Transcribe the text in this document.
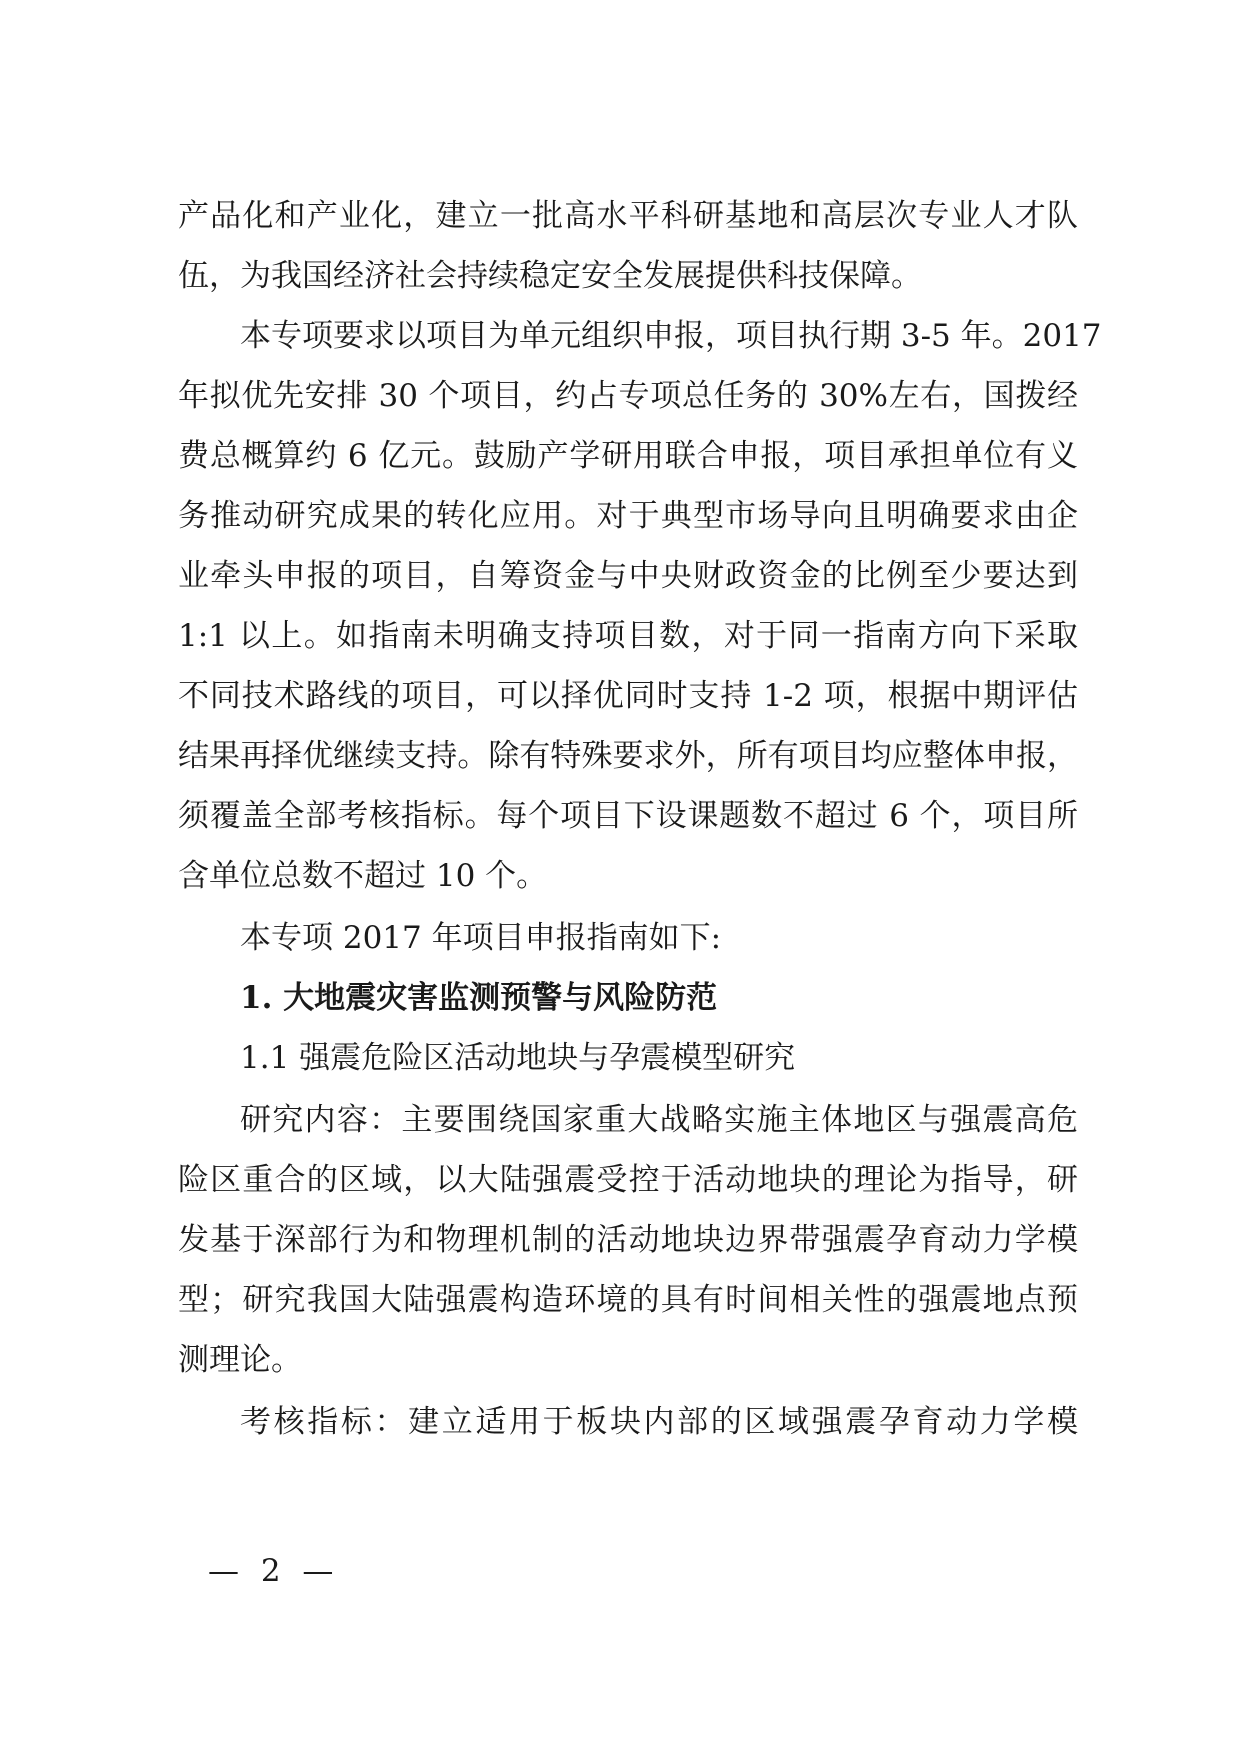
产品化和产业化，建立一批高水平科研基地和高层次专业人才队
伍，为我国经济社会持续稳定安全发展提供科技保障。
本专项要求以项目为单元组织申报，项目执行期 3-5 年。2017
年拟优先安排 30 个项目，约占专项总任务的 30%左右，国拨经
费总概算约 6 亿元。鼓励产学研用联合申报，项目承担单位有义
务推动研究成果的转化应用。对于典型市场导向且明确要求由企
业牵头申报的项目，自筹资金与中央财政资金的比例至少要达到
1:1 以上。如指南未明确支持项目数，对于同一指南方向下采取
不同技术路线的项目，可以择优同时支持 1-2 项，根据中期评估
结果再择优继续支持。除有特殊要求外，所有项目均应整体申报，
须覆盖全部考核指标。每个项目下设课题数不超过 6 个，项目所
含单位总数不超过 10 个。
本专项 2017 年项目申报指南如下:
1. 大地震灾害监测预警与风险防范
1.1 强震危险区活动地块与孕震模型研究
研究内容：主要围绕国家重大战略实施主体地区与强震高危
险区重合的区域，以大陆强震受控于活动地块的理论为指导，研
发基于深部行为和物理机制的活动地块边界带强震孕育动力学模
型；研究我国大陆强震构造环境的具有时间相关性的强震地点预
测理论。
考核指标：建立适用于板块内部的区域强震孕育动力学模
— 2 —
